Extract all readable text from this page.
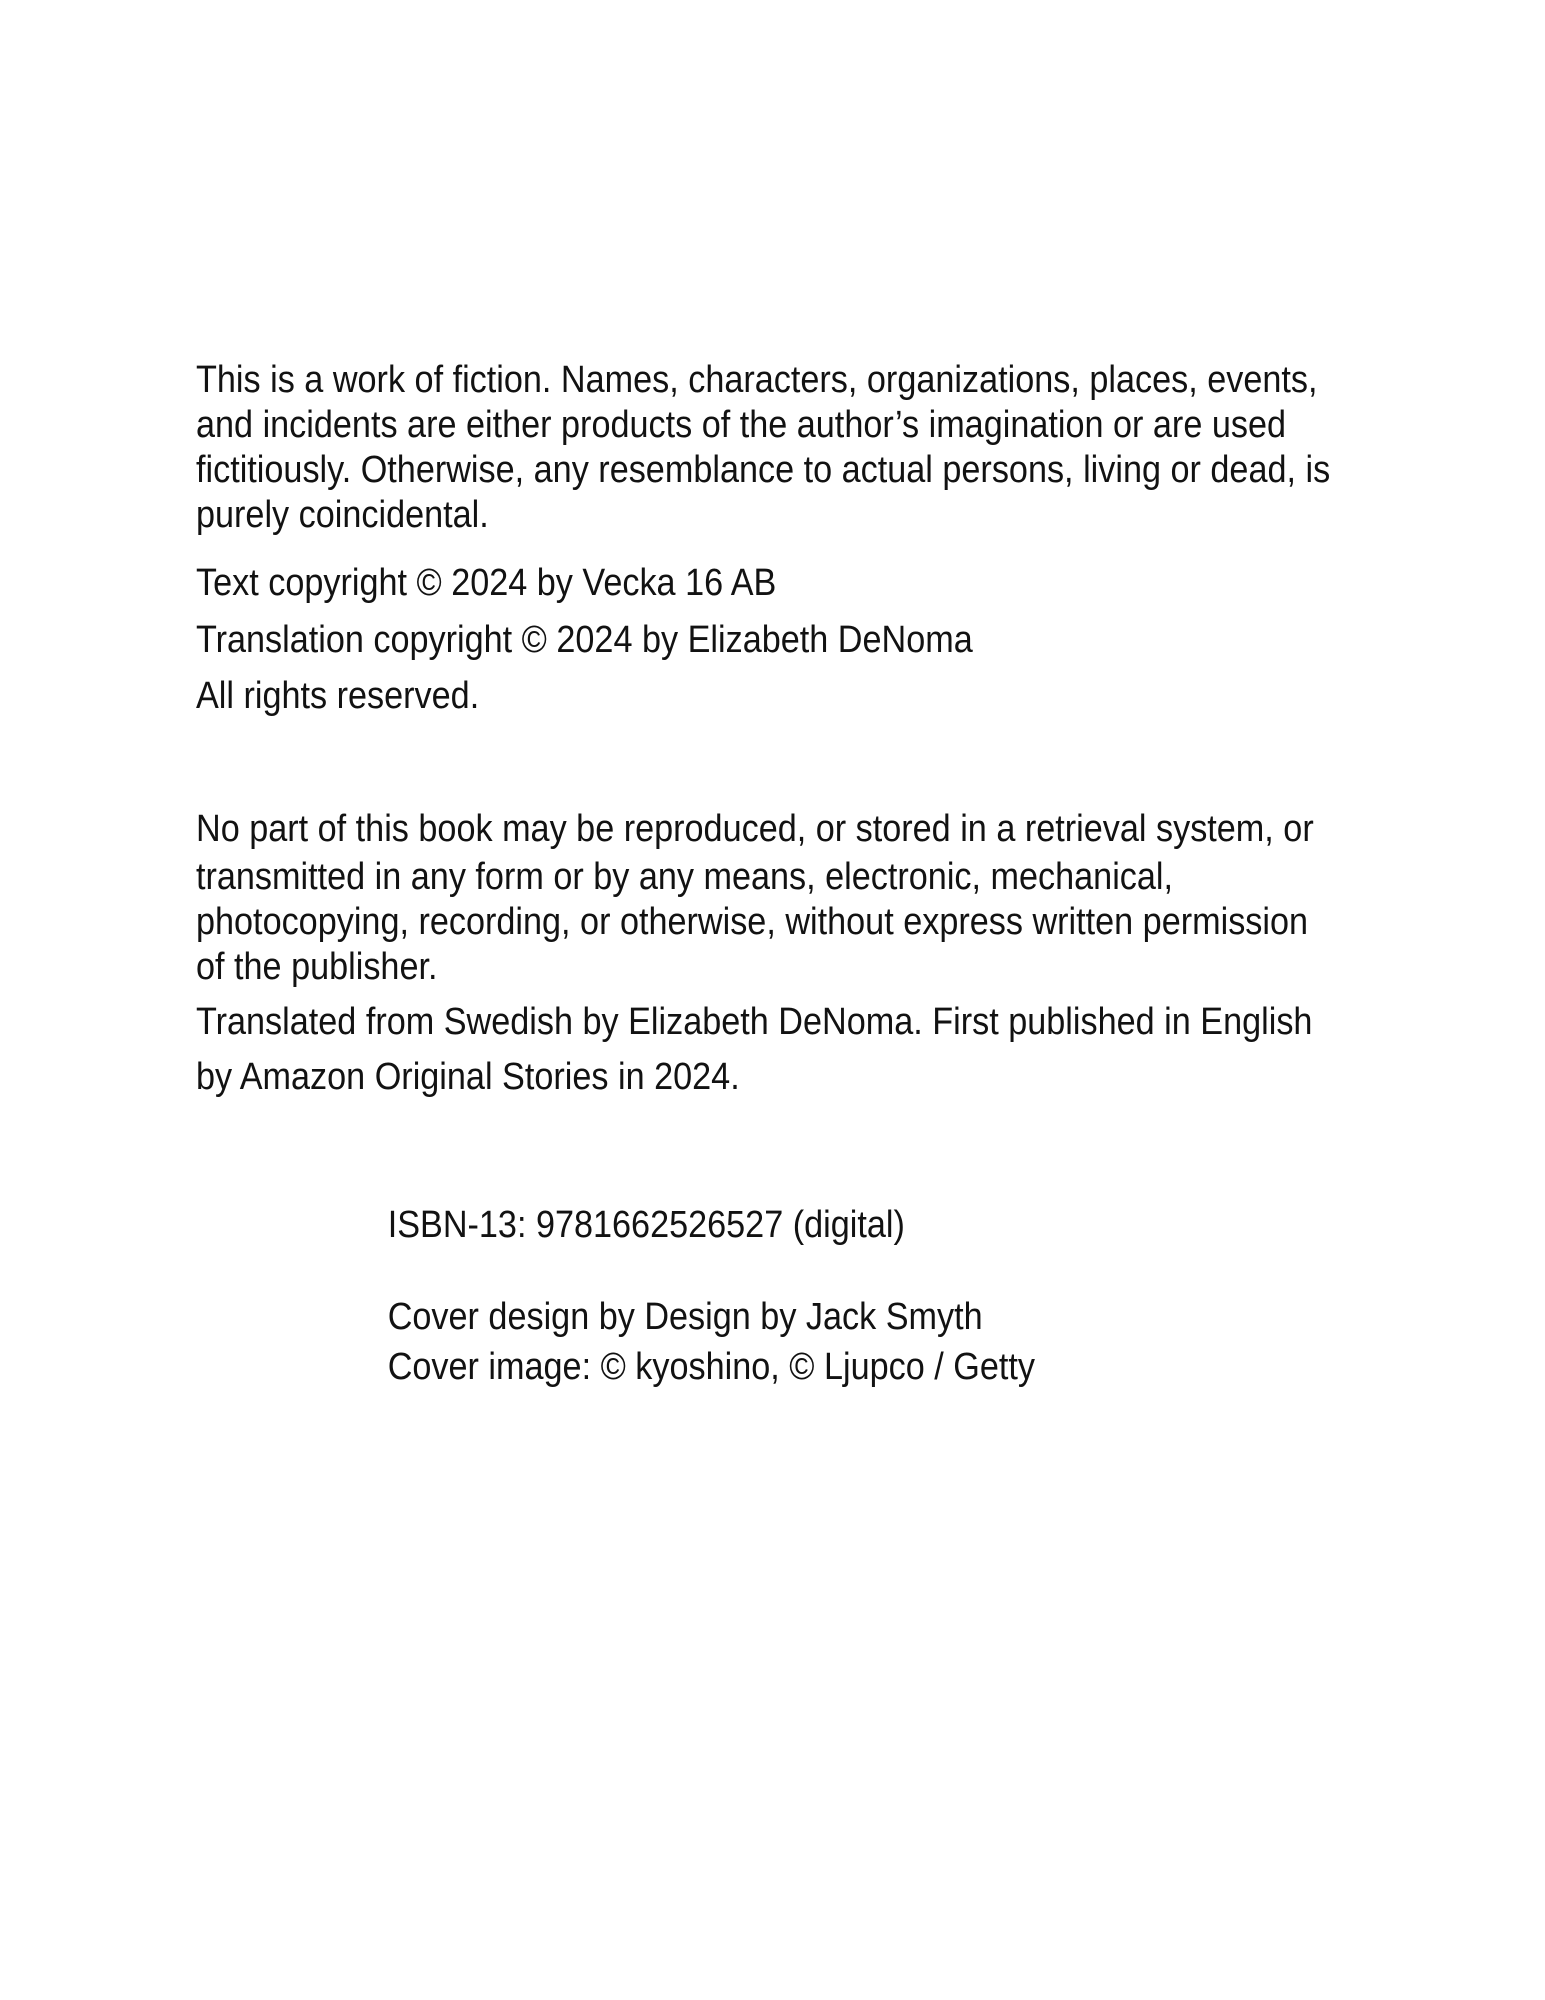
This is a work of fiction. Names, characters, organizations, places, events,
and incidents are either products of the author’s imagination or are used
fictitiously. Otherwise, any resemblance to actual persons, living or dead, is
purely coincidental.
Text copyright © 2024 by Vecka 16 AB
Translation copyright © 2024 by Elizabeth DeNoma
All rights reserved.
No part of this book may be reproduced, or stored in a retrieval system, or
transmitted in any form or by any means, electronic, mechanical,
photocopying, recording, or otherwise, without express written permission
of the publisher.
Translated from Swedish by Elizabeth DeNoma. First published in English
by Amazon Original Stories in 2024.
ISBN-13: 9781662526527 (digital)
Cover design by Design by Jack Smyth
Cover image: © kyoshino, © Ljupco / Getty
